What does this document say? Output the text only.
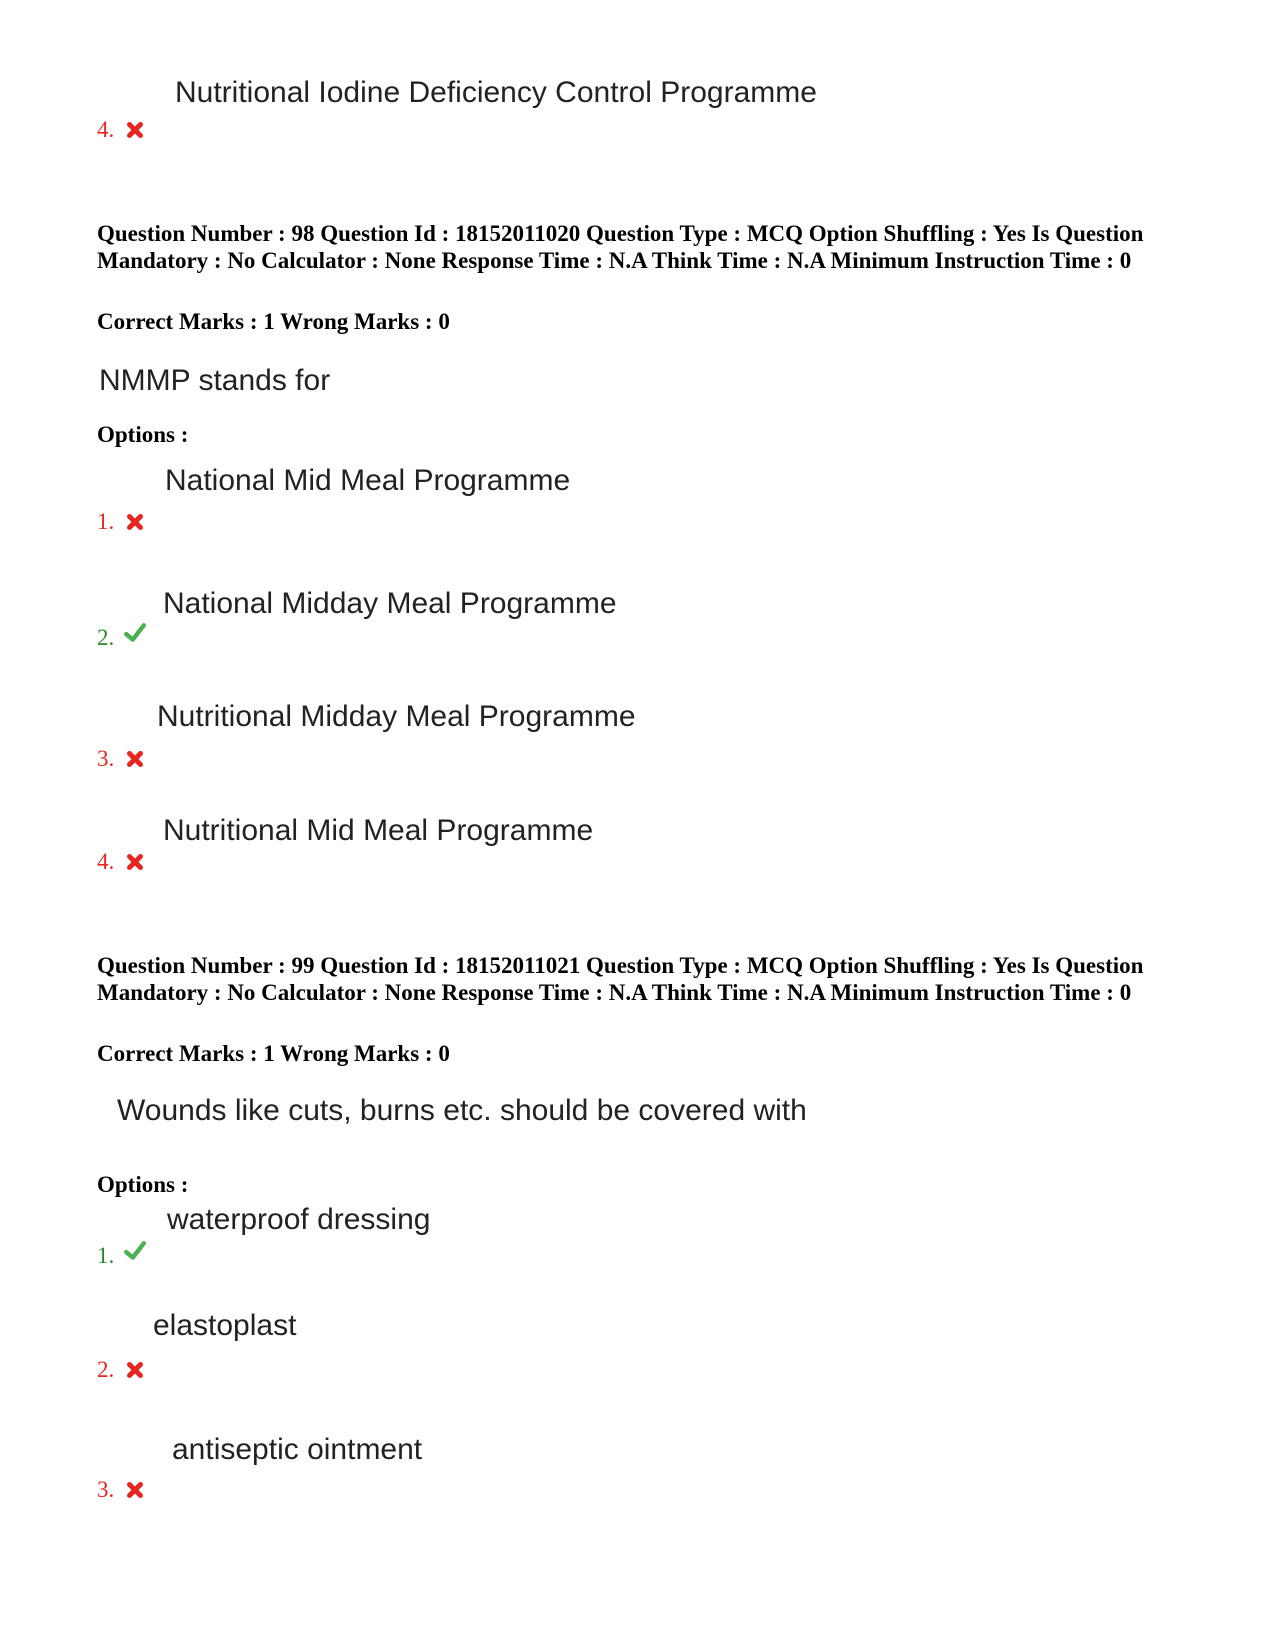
Nutritional Iodine Deficiency Control Programme
4.
Question Number : 98 Question Id : 18152011020 Question Type : MCQ Option Shuffling : Yes Is Question Mandatory : No Calculator : None Response Time : N.A Think Time : N.A Minimum Instruction Time : 0
Correct Marks : 1 Wrong Marks : 0
NMMP stands for
Options :
National Mid Meal Programme
1.
National Midday Meal Programme
2.
Nutritional Midday Meal Programme
3.
Nutritional Mid Meal Programme
4.
Question Number : 99 Question Id : 18152011021 Question Type : MCQ Option Shuffling : Yes Is Question Mandatory : No Calculator : None Response Time : N.A Think Time : N.A Minimum Instruction Time : 0
Correct Marks : 1 Wrong Marks : 0
Wounds like cuts, burns etc. should be covered with
Options :
waterproof dressing
1.
elastoplast
2.
antiseptic ointment
3.
